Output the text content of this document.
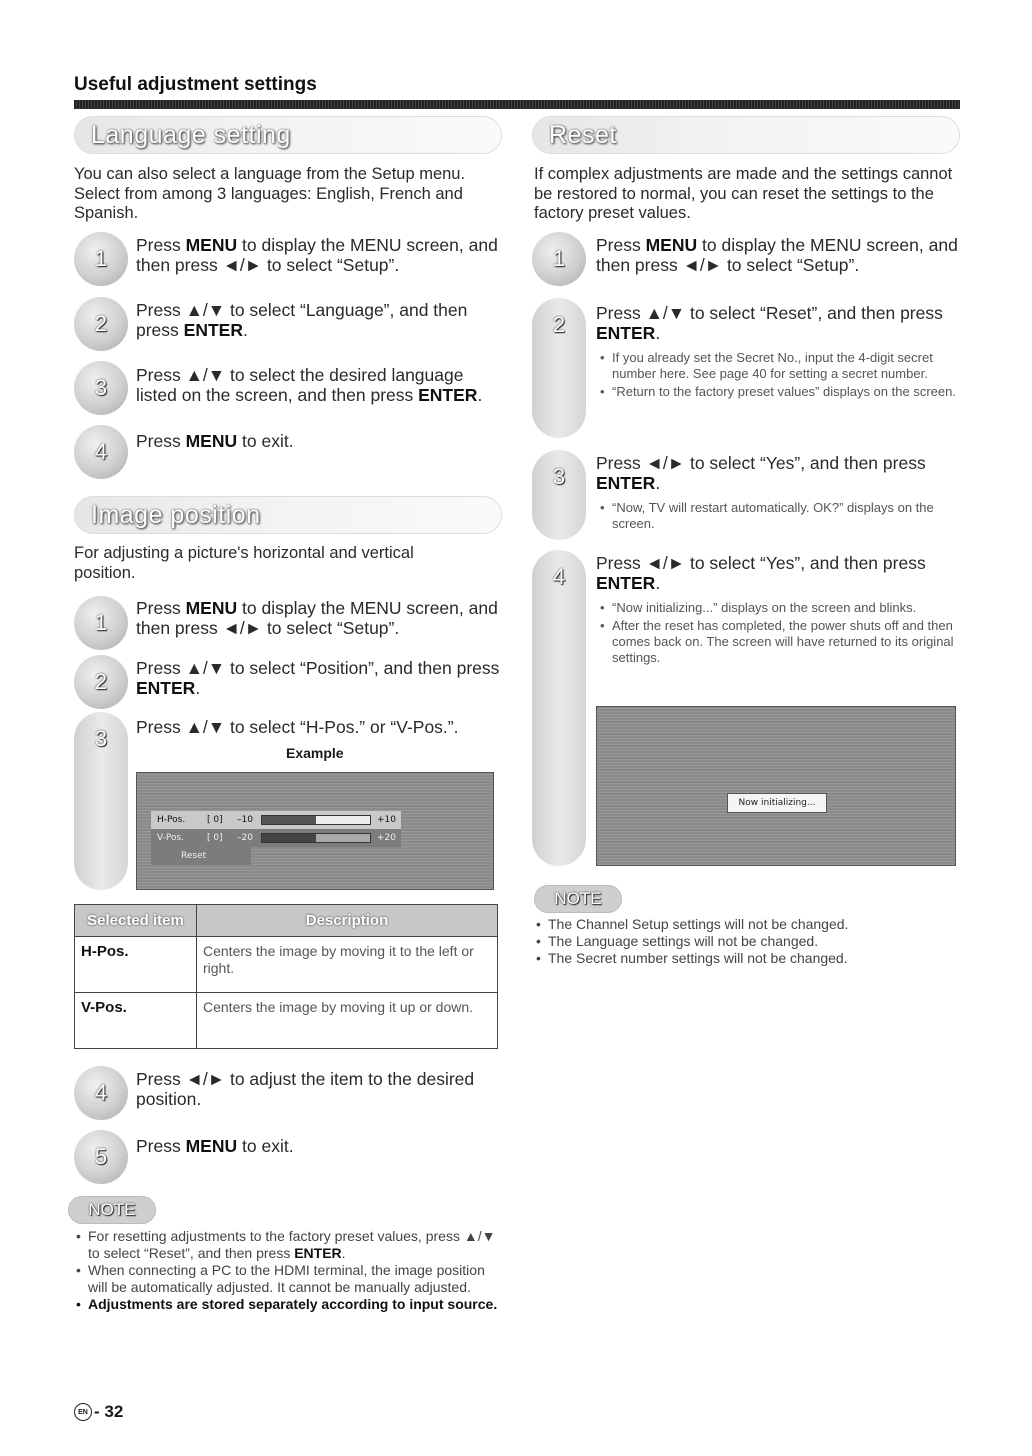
Useful adjustment settings
Language setting
You can also select a language from the Setup menu. Select from among 3 languages: English, French and Spanish.
1
Press MENU to display the MENU screen, and then press ◄/► to select “Setup”.
2
Press ▲/▼ to select “Language”, and then press ENTER.
3 Press ▲/▼ to select the desired language listed on the screen, and then press ENTER.
4 Press MENU to exit.
Image position
For adjusting a picture's horizontal and vertical position.
1
Press MENU to display the MENU screen, and then press ◄/► to select “Setup”.
2
Press ▲/▼ to select “Position”, and then press ENTER.
3 Press ▲/▼ to select “H-Pos.” or “V-Pos.”.
Example
H-Pos. [ 0] –10	+10
V-Pos.	[ 0] –20	+20
Reset
Selected item	Description
H-Pos.	Centers the image by moving it to the left or right.
V-Pos.	Centers the image by moving it up or down.
4
Press ◄/► to adjust the item to the desired position.
5 Press MENU to exit.
NOTE
• For resetting adjustments to the factory preset values, press ▲/▼ to select “Reset”, and then press ENTER.
• When connecting a PC to the HDMI terminal, the image position will be automatically adjusted. It cannot be manually adjusted.
• Adjustments are stored separately according to input source.
Reset
If complex adjustments are made and the settings cannot be restored to normal, you can reset the settings to the factory preset values.
1
Press MENU to display the MENU screen, and then press ◄/► to select “Setup”.
2 Press ▲/▼ to select “Reset”, and then press ENTER.
• If you already set the Secret No., input the 4-digit secret number here. See page 40 for setting a secret number.
• “Return to the factory preset values” displays on the screen.
3
Press ◄/► to select “Yes”, and then press ENTER.
• “Now, TV will restart automatically. OK?” displays on the screen.
4
Press ◄/► to select “Yes”, and then press ENTER.
• “Now initializing...” displays on the screen and blinks.
• After the reset has completed, the power shuts off and then comes back on. The screen will have returned to its original settings.
Now initializing...
NOTE
• The Channel Setup settings will not be changed.
• The Language settings will not be changed.
• The Secret number settings will not be changed.
EN - 32
